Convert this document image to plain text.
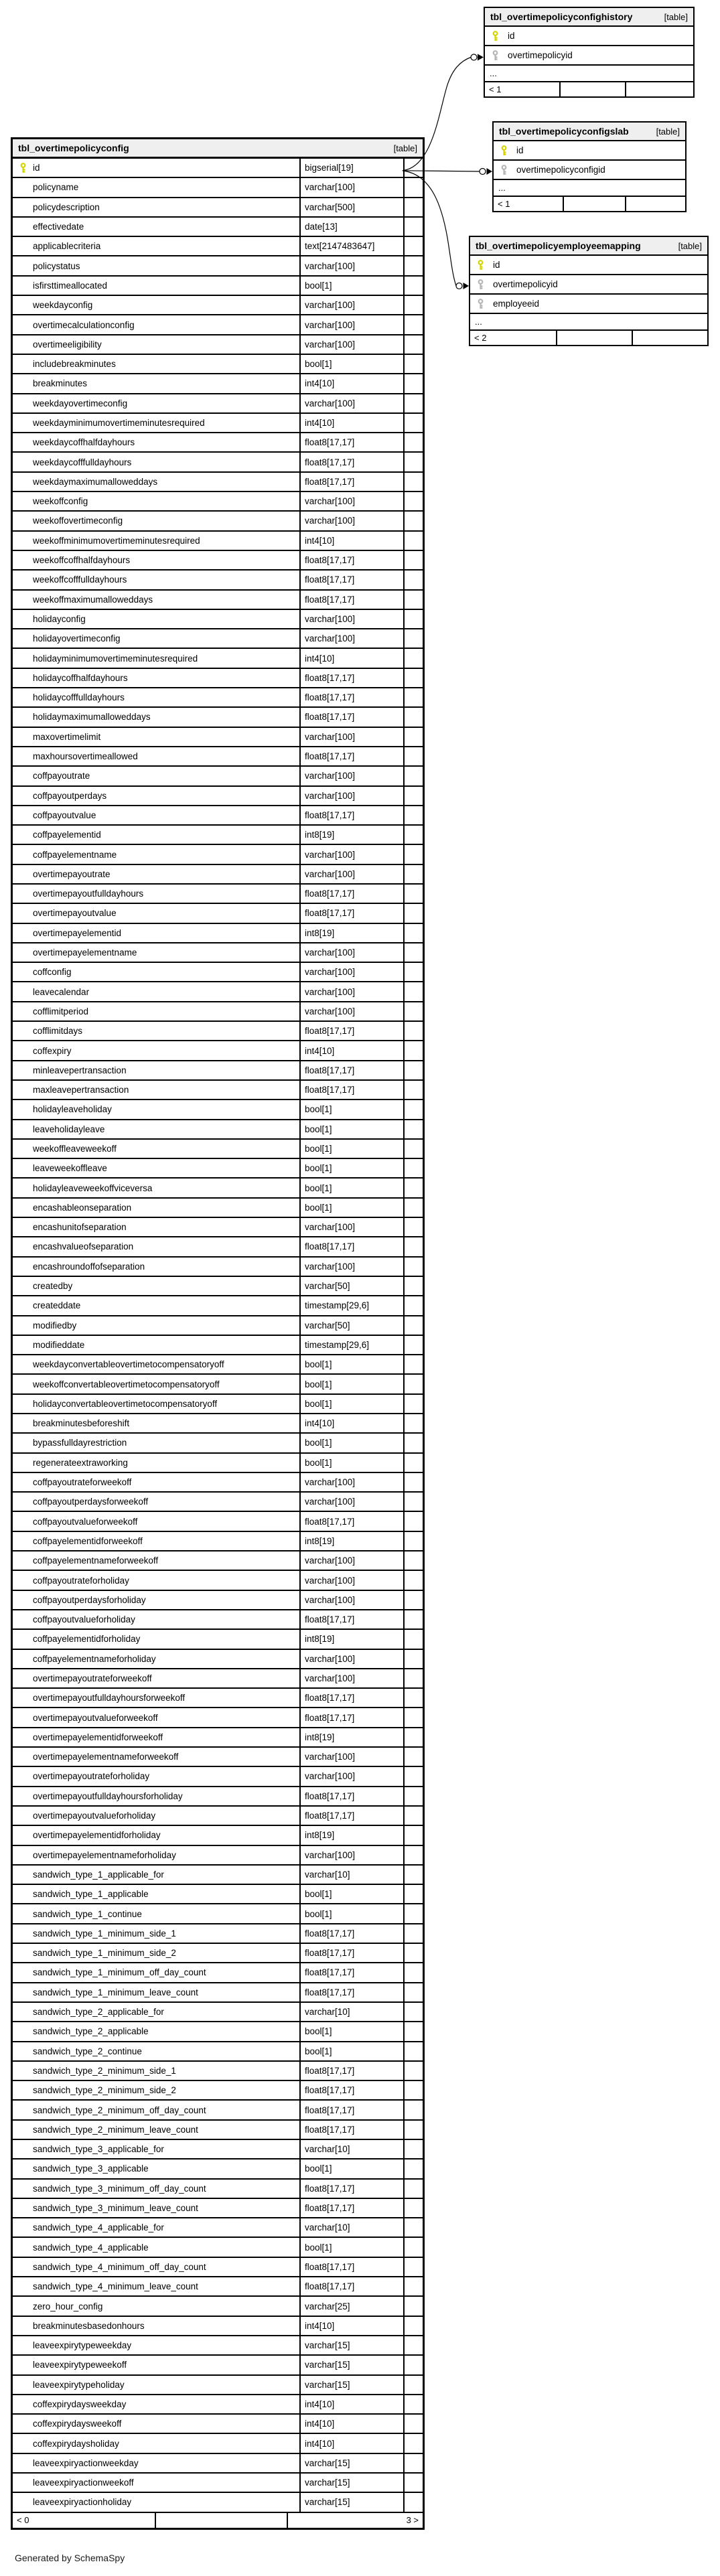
tbl_overtimepolicyconfig	[table]
id	bigserial[19]
policyname	varchar[100]
policydescription	varchar[500]
effectivedate	date[13]
applicablecriteria	text[2147483647]
policystatus	varchar[100]
isfirsttimeallocated	bool[1]
weekdayconfig	varchar[100]
overtimecalculationconfig	varchar[100]
overtimeeligibility	varchar[100]
includebreakminutes	bool[1]
breakminutes	int4[10]
weekdayovertimeconfig	varchar[100]
weekdayminimumovertimeminutesrequired	int4[10]
weekdaycoffhalfdayhours	float8[17,17]
weekdaycofffulldayhours	float8[17,17]
weekdaymaximumalloweddays	float8[17,17]
weekoffconfig	varchar[100]
weekoffovertimeconfig	varchar[100]
weekoffminimumovertimeminutesrequired	int4[10]
weekoffcoffhalfdayhours	float8[17,17]
weekoffcofffulldayhours	float8[17,17]
weekoffmaximumalloweddays	float8[17,17]
holidayconfig	varchar[100]
holidayovertimeconfig	varchar[100]
holidayminimumovertimeminutesrequired	int4[10]
holidaycoffhalfdayhours	float8[17,17]
holidaycofffulldayhours	float8[17,17]
holidaymaximumalloweddays	float8[17,17]
maxovertimelimit	varchar[100]
maxhoursovertimeallowed	float8[17,17]
coffpayoutrate	varchar[100]
coffpayoutperdays	varchar[100]
coffpayoutvalue	float8[17,17]
coffpayelementid	int8[19]
coffpayelementname	varchar[100]
overtimepayoutrate	varchar[100]
overtimepayoutfulldayhours	float8[17,17]
overtimepayoutvalue	float8[17,17]
overtimepayelementid	int8[19]
overtimepayelementname	varchar[100]
coffconfig	varchar[100]
leavecalendar	varchar[100]
cofflimitperiod	varchar[100]
cofflimitdays	float8[17,17]
coffexpiry	int4[10]
minleavepertransaction	float8[17,17]
maxleavepertransaction	float8[17,17]
holidayleaveholiday	bool[1]
leaveholidayleave	bool[1]
weekoffleaveweekoff	bool[1]
leaveweekoffleave	bool[1]
holidayleaveweekoffviceversa	bool[1]
encashableonseparation	bool[1]
encashunitofseparation	varchar[100]
encashvalueofseparation	float8[17,17]
encashroundoffofseparation	varchar[100]
createdby	varchar[50]
createddate	timestamp[29,6]
modifiedby	varchar[50]
modifieddate	timestamp[29,6]
weekdayconvertableovertimetocompensatoryoff	bool[1]
weekoffconvertableovertimetocompensatoryoff	bool[1]
holidayconvertableovertimetocompensatoryoff	bool[1]
breakminutesbeforeshift	int4[10]
bypassfulldayrestriction	bool[1]
regenerateextraworking	bool[1]
coffpayoutrateforweekoff	varchar[100]
coffpayoutperdaysforweekoff	varchar[100]
coffpayoutvalueforweekoff	float8[17,17]
coffpayelementidforweekoff	int8[19]
coffpayelementnameforweekoff	varchar[100]
coffpayoutrateforholiday	varchar[100]
coffpayoutperdaysforholiday	varchar[100]
coffpayoutvalueforholiday	float8[17,17]
coffpayelementidforholiday	int8[19]
coffpayelementnameforholiday	varchar[100]
overtimepayoutrateforweekoff	varchar[100]
overtimepayoutfulldayhoursforweekoff	float8[17,17]
overtimepayoutvalueforweekoff	float8[17,17]
overtimepayelementidforweekoff	int8[19]
overtimepayelementnameforweekoff	varchar[100]
overtimepayoutrateforholiday	varchar[100]
overtimepayoutfulldayhoursforholiday	float8[17,17]
overtimepayoutvalueforholiday	float8[17,17]
overtimepayelementidforholiday	int8[19]
overtimepayelementnameforholiday	varchar[100]
sandwich_type_1_applicable_for	varchar[10]
sandwich_type_1_applicable	bool[1]
sandwich_type_1_continue	bool[1]
sandwich_type_1_minimum_side_1	float8[17,17]
sandwich_type_1_minimum_side_2	float8[17,17]
sandwich_type_1_minimum_off_day_count	float8[17,17]
sandwich_type_1_minimum_leave_count	float8[17,17]
sandwich_type_2_applicable_for	varchar[10]
sandwich_type_2_applicable	bool[1]
sandwich_type_2_continue	bool[1]
sandwich_type_2_minimum_side_1	float8[17,17]
sandwich_type_2_minimum_side_2	float8[17,17]
sandwich_type_2_minimum_off_day_count	float8[17,17]
sandwich_type_2_minimum_leave_count	float8[17,17]
sandwich_type_3_applicable_for	varchar[10]
sandwich_type_3_applicable	bool[1]
sandwich_type_3_minimum_off_day_count	float8[17,17]
sandwich_type_3_minimum_leave_count	float8[17,17]
sandwich_type_4_applicable_for	varchar[10]
sandwich_type_4_applicable	bool[1]
sandwich_type_4_minimum_off_day_count	float8[17,17]
sandwich_type_4_minimum_leave_count	float8[17,17]
zero_hour_config	varchar[25]
breakminutesbasedonhours	int4[10]
leaveexpirytypeweekday	varchar[15]
leaveexpirytypeweekoff	varchar[15]
leaveexpirytypeholiday	varchar[15]
coffexpirydaysweekday	int4[10]
coffexpirydaysweekoff	int4[10]
coffexpirydaysholiday	int4[10]
leaveexpiryactionweekday	varchar[15]
leaveexpiryactionweekoff	varchar[15]
leaveexpiryactionholiday	varchar[15]
< 0	3 >
tbl_overtimepolicyconfighistory	[table]
id
overtimepolicyid
...
< 1
tbl_overtimepolicyconfigslab	[table]
id
overtimepolicyconfigid
...
< 1
tbl_overtimepolicyemployeemapping	[table]
id
overtimepolicyid
employeeid
...
< 2
Generated by SchemaSpy
